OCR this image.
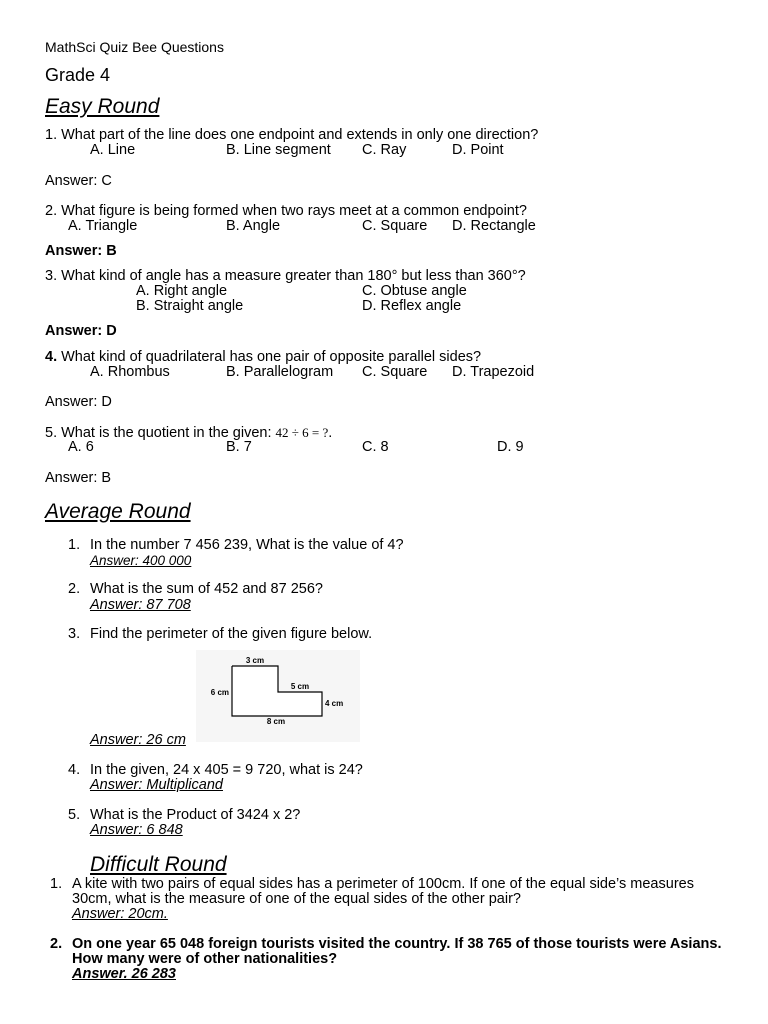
MathSci Quiz Bee Questions
Grade 4
Easy Round
1. What part of the line does one endpoint and extends in only one direction?
A. Line	B. Line segment C. Ray	D. Point
Answer: C
2. What figure is being formed when two rays meet at a common endpoint?
A. Triangle	B. Angle	C. Square D. Rectangle
Answer: B
3. What kind of angle has a measure greater than 180° but less than 360°?
A. Right angle
B. Straight angle
C. Obtuse angle
D. Reflex angle
Answer: D
4. What kind of quadrilateral has one pair of opposite parallel sides?
A. Rhombus	B. Parallelogram C. Square D. Trapezoid
Answer: D
5. What is the quotient in the given: 42 ÷ 6 = ?.
A. 6	B. 7	C. 8	D. 9
Answer: B
Average Round
1. In the number 7 456 239, What is the value of 4?
Answer: 400 000
2. What is the sum of 452 and 87 256?
Answer: 87 708
3. Find the perimeter of the given figure below.
3 cm
6 cm
5 cm
4 cm
8 cm
Answer: 26 cm
4. In the given, 24 x 405 = 9 720, what is 24?
Answer: Multiplicand
5. What is the Product of 3424 x 2?
Answer: 6 848
Difficult Round
1. A kite with two pairs of equal sides has a perimeter of 100cm. If one of the equal side’s measures 30cm, what is the measure of one of the equal sides of the other pair?
Answer: 20cm.
2. On one year 65 048 foreign tourists visited the country. If 38 765 of those tourists were Asians. How many were of other nationalities?
Answer. 26 283
